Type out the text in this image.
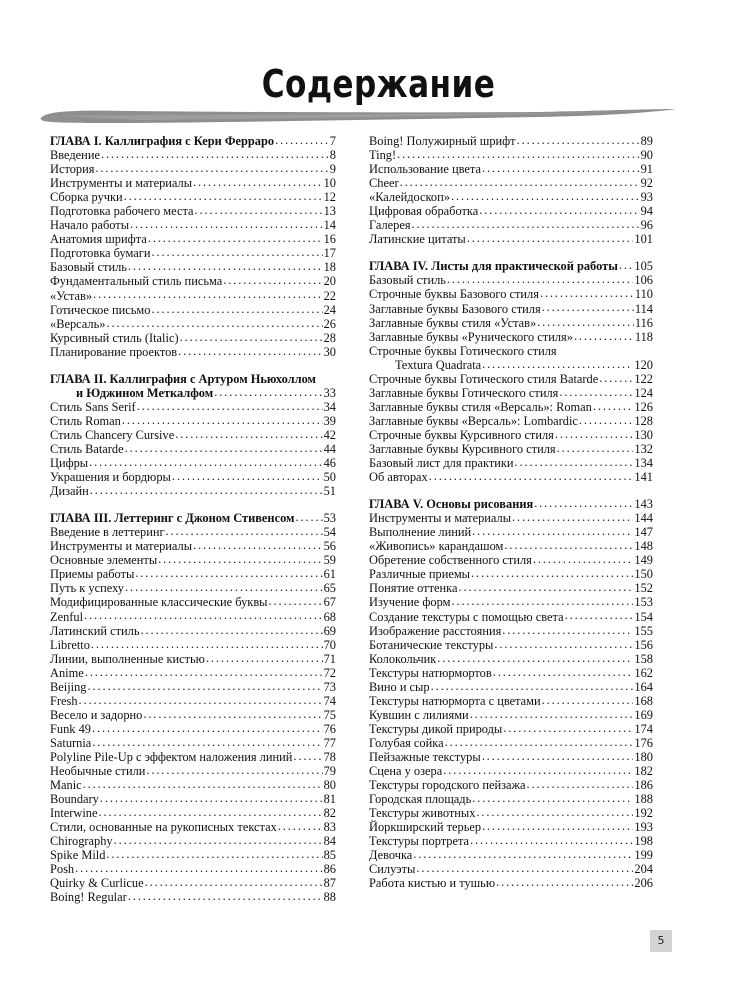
Содержание
ГЛАВА I. Каллиграфия с Кери Ферраро . . .	7
Введение . . .	8
История . . .	9
Инструменты и материалы . . .	10
Сборка ручки . . .	12
Подготовка рабочего места . . .	13
Начало работы . . .	14
Анатомия шрифта . . .	16
Подготовка бумаги . . .	17
Базовый стиль . . .	18
Фундаментальный стиль письма . . .	20
«Устав» . . .	22
Готическое письмо . . .	24
«Версаль» . . .	26
Курсивный стиль (Italic) . . .	28
Планирование проектов . . .	30
ГЛАВА II. Каллиграфия с Артуром Ньюхоллом
и Юджином Меткалфом . . .	33
Стиль Sans Serif . . .	34
Стиль Roman . . .	39
Стиль Chancery Cursive . . .	42
Стиль Batarde . . .	44
Цифры . . .	46
Украшения и бордюры . . .	50
Дизайн . . .	51
ГЛАВА III. Леттеринг с Джоном Стивенсом . . . 53
Введение в леттеринг . . .	54
Инструменты и материалы . . .	56
Основные элементы . . .	59
Приемы работы . . .	61
Путь к успеху . . .	65
Модифицированные классические буквы . . .	67
Zenful . . .	68
Латинский стиль . . .	69
Libretto . . .	70
Линии, выполненные кистью . . .	71
Anime . . .	72
Beijing . . .	73
Fresh . . .	74
Весело и задорно . . .	75
Funk 49 . . .	76
Saturnia . . .	77
Polyline Pile-Up с эффектом наложения линий . . .	78
Необычные стили . . .	79
Manic . . .	80
Boundary . . .	81
Interwine . . .	82
Стили, основанные на рукописных текстах . . .	83
Chirography . . .	84
Spike Mild . . .	85
Posh . . .	86
Quirky & Curlicue . . .	87
Boing! Regular . . .	88
Boing! Полужирный шрифт . . .	89
Ting! . . .	90
Использование цвета . . .	91
Cheer . . .	92
«Калейдоскоп» . . .	93
Цифровая обработка . . .	94
Галерея . . .	96
Латинские цитаты . . .	101
ГЛАВА IV. Листы для практической работы . . . 105
Базовый стиль . . .	106
Строчные буквы Базового стиля . . .	110
Заглавные буквы Базового стиля . . .	114
Заглавные буквы стиля «Устав» . . .	116
Заглавные буквы «Рунического стиля» . . .	118
Строчные буквы Готического стиля
Textura Quadrata . . .	120
Строчные буквы Готического стиля Batarde . . .	122
Заглавные буквы Готического стиля . . .	124
Заглавные буквы стиля «Версаль»: Roman . . .	126
Заглавные буквы «Версаль»: Lombardic . . .	128
Строчные буквы Курсивного стиля . . .	130
Заглавные буквы Курсивного стиля . . .	132
Базовый лист для практики . . .	134
Об авторах . . .	141
ГЛАВА V. Основы рисования . . .	143
Инструменты и материалы . . .	144
Выполнение линий . . .	147
«Живопись» карандашом . . .	148
Обретение собственного стиля . . .	149
Различные приемы . . .	150
Понятие оттенка . . .	152
Изучение форм . . .	153
Создание текстуры с помощью света . . .	154
Изображение расстояния . . .	155
Ботанические текстуры . . .	156
Колокольчик . . .	158
Текстуры натюрмортов . . .	162
Вино и сыр . . .	164
Текстуры натюрморта с цветами . . .	168
Кувшин с лилиями . . .	169
Текстуры дикой природы . . .	174
Голубая сойка . . .	176
Пейзажные текстуры . . .	180
Сцена у озера . . .	182
Текстуры городского пейзажа . . .	186
Городская площадь . . .	188
Текстуры животных . . .	192
Йоркширский терьер . . .	193
Текстуры портрета . . .	198
Девочка . . .	199
Силуэты . . .	204
Работа кистью и тушью . . .	206
5
